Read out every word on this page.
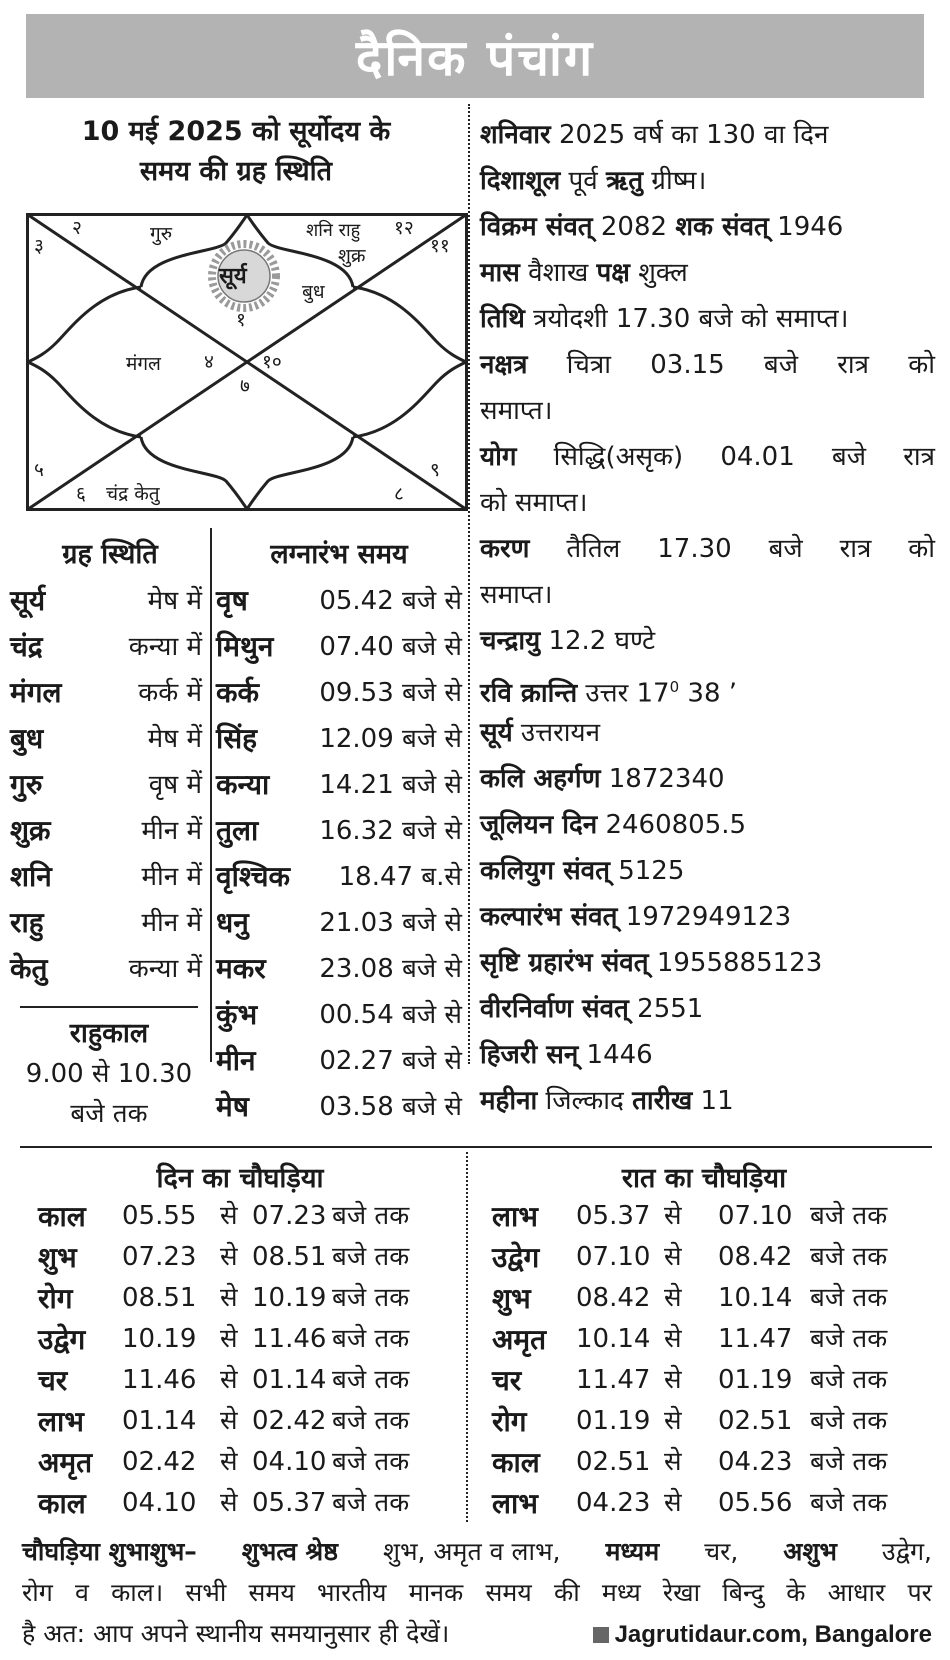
दैनिक पंचांग
10 मई 2025 को सूर्योदय के
समय की ग्रह स्थिति
२
३
१२
११
१
४	१०
७
५
६
९
८
गुरु	शनि राहु
शुक्र
सूर्य
बुध
मंगल
चंद्र केतु
शनिवार 2025 वर्ष का 130 वा दिन
दिशाशूल पूर्व ऋतु ग्रीष्म।
विक्रम संवत् 2082 शक संवत् 1946
मास वैशाख पक्ष शुक्ल
तिथि त्रयोदशी 17.30 बजे को समाप्त।
नक्षत्र चित्रा 03.15 बजे रात्र को
समाप्त।
योग सिद्धि(असृक) 04.01 बजे रात्र
को समाप्त।
करण तैतिल 17.30 बजे रात्र को
समाप्त।
चन्द्रायु 12.2 घण्टे
रवि क्रान्ति उत्तर $17^0$ 38 ’
सूर्य उत्तरायन
कलि अहर्गण 1872340
जूलियन दिन 2460805.5
कलियुग संवत् 5125
कल्पारंभ संवत् 1972949123
सृष्टि ग्रहारंभ संवत् 1955885123
वीरनिर्वाण संवत् 2551
हिजरी सन् 1446
महीना जिल्काद तारीख 11
ग्रह स्थिति
सूर्य	मेष में
चंद्र	कन्या में
मंगल	कर्क में
बुध	मेष में
गुरु	वृष में
शुक्र	मीन में
शनि	मीन में
राहु	मीन में
केतु	कन्या में
राहुकाल
9.00 से 10.30
बजे तक
लग्नारंभ समय
वृष	05.42 बजे से
मिथुन 07.40 बजे से
कर्क 09.53 बजे से
सिंह 12.09 बजे से
कन्या 14.21 बजे से
तुला 16.32 बजे से
वृश्चिक 18.47 ब.से
धनु	21.03 बजे से
मकर 23.08 बजे से
कुंभ 00.54 बजे से
मीन 02.27 बजे से
मेष	03.58 बजे से
दिन का चौघड़िया
काल 05.55 से 07.23 बजे तक
शुभ 07.23 से 08.51 बजे तक
रोग 08.51 से 10.19 बजे तक
उद्वेग 10.19 से 11.46 बजे तक
चर 11.46 से 01.14 बजे तक
लाभ 01.14 से 02.42 बजे तक
अमृत 02.42 से 04.10 बजे तक
काल 04.10 से 05.37 बजे तक
रात का चौघड़िया
लाभ 05.37 से 07.10 बजे तक
उद्वेग 07.10 से 08.42 बजे तक
शुभ 08.42 से 10.14 बजे तक
अमृत 10.14 से 11.47 बजे तक
चर 11.47 से 01.19 बजे तक
रोग 01.19 से 02.51 बजे तक
काल 02.51 से 04.23 बजे तक
लाभ 04.23 से 05.56 बजे तक
चौघड़िया शुभाशुभ– शुभत्व श्रेष्ठ शुभ, अमृत व लाभ, मध्यम चर, अशुभ उद्वेग,
रोग व काल। सभी समय भारतीय मानक समय की मध्य रेखा बिन्दु के आधार पर
है अत: आप अपने स्थानीय समयानुसार ही देखें।	Jagrutidaur.com, Bangalore
